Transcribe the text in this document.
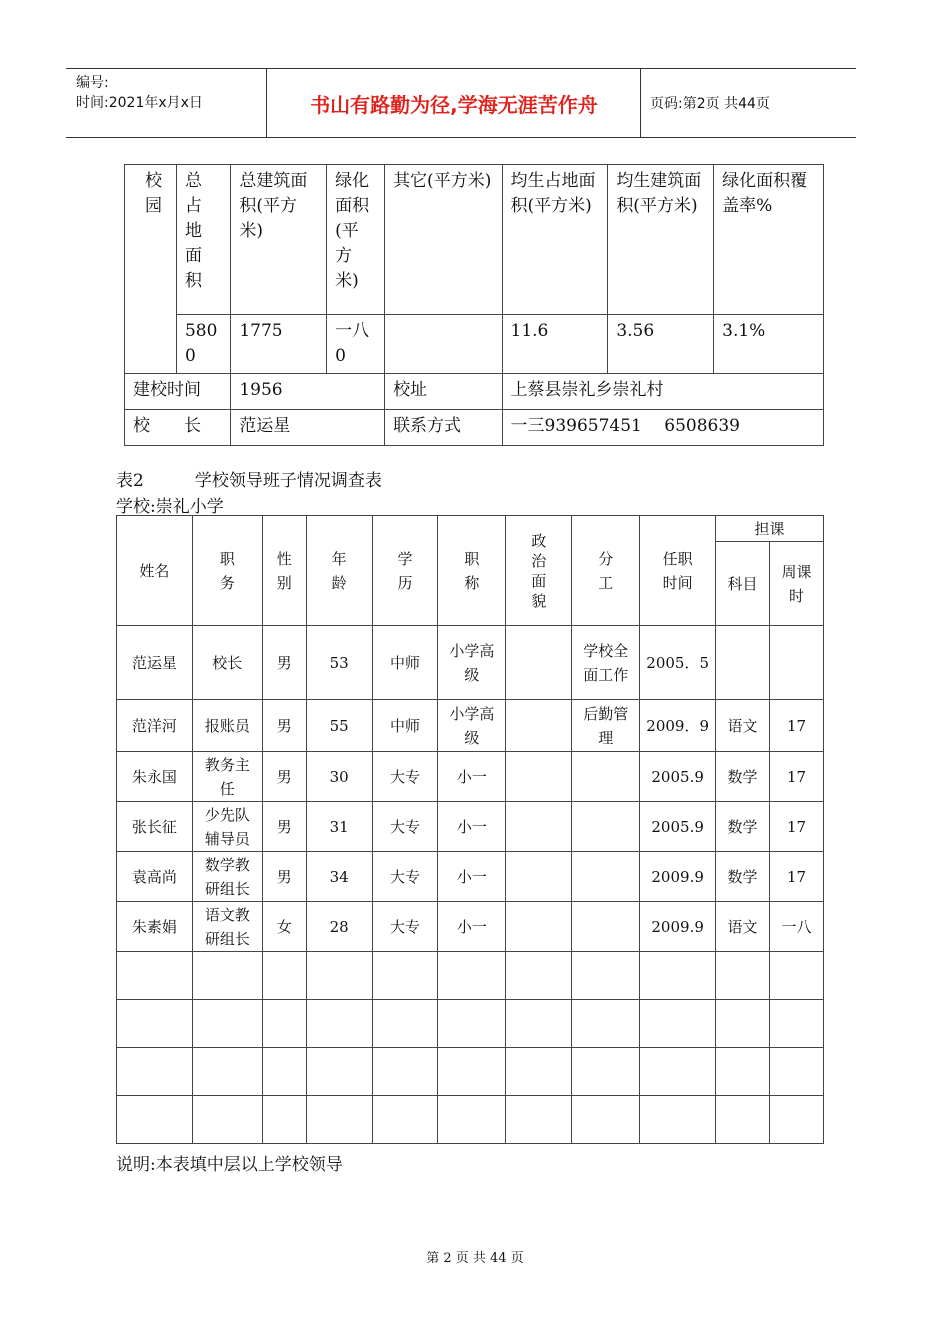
编号:
时间:2021年x月x日	书山有路勤为径,学海无涯苦作舟	页码:第2页 共44页
校园	总占地面积	总建筑面积(平方米)	绿化面积(平方米)	其它(平方米)	均生占地面积(平方米)	均生建筑面积(平方米)	绿化面积覆盖率%

	5800	1775	一八0		11.6	3.56	3.1%

建校时间		1956		校址	上蔡县崇礼乡崇礼村		
校　　长		范运星		联系方式	一三939657451　 6508639		
表2　　　学校领导班子情况调查表
学校:崇礼小学
姓名	职务	性别	年龄	学历	职称	政治面貌	分工	任职时间	担课	
									科目	周课时

范运星	校长	男	53	中师	小学高级		学校全面工作	2005．5		

范洋河	报账员	男	55	中师	小学高级		后勤管理	2009．9	语文	17

朱永国	教务主任	男	30	大专	小一			2005.9	数学	17

张长征	少先队辅导员	男	31	大专	小一			2005.9	数学	17

袁高尚	数学教研组长	男	34	大专	小一			2009.9	数学	17

朱素娟	语文教研组长	女	28	大专	小一			2009.9	语文	一八

说明:本表填中层以上学校领导
第 2 页 共 44 页
